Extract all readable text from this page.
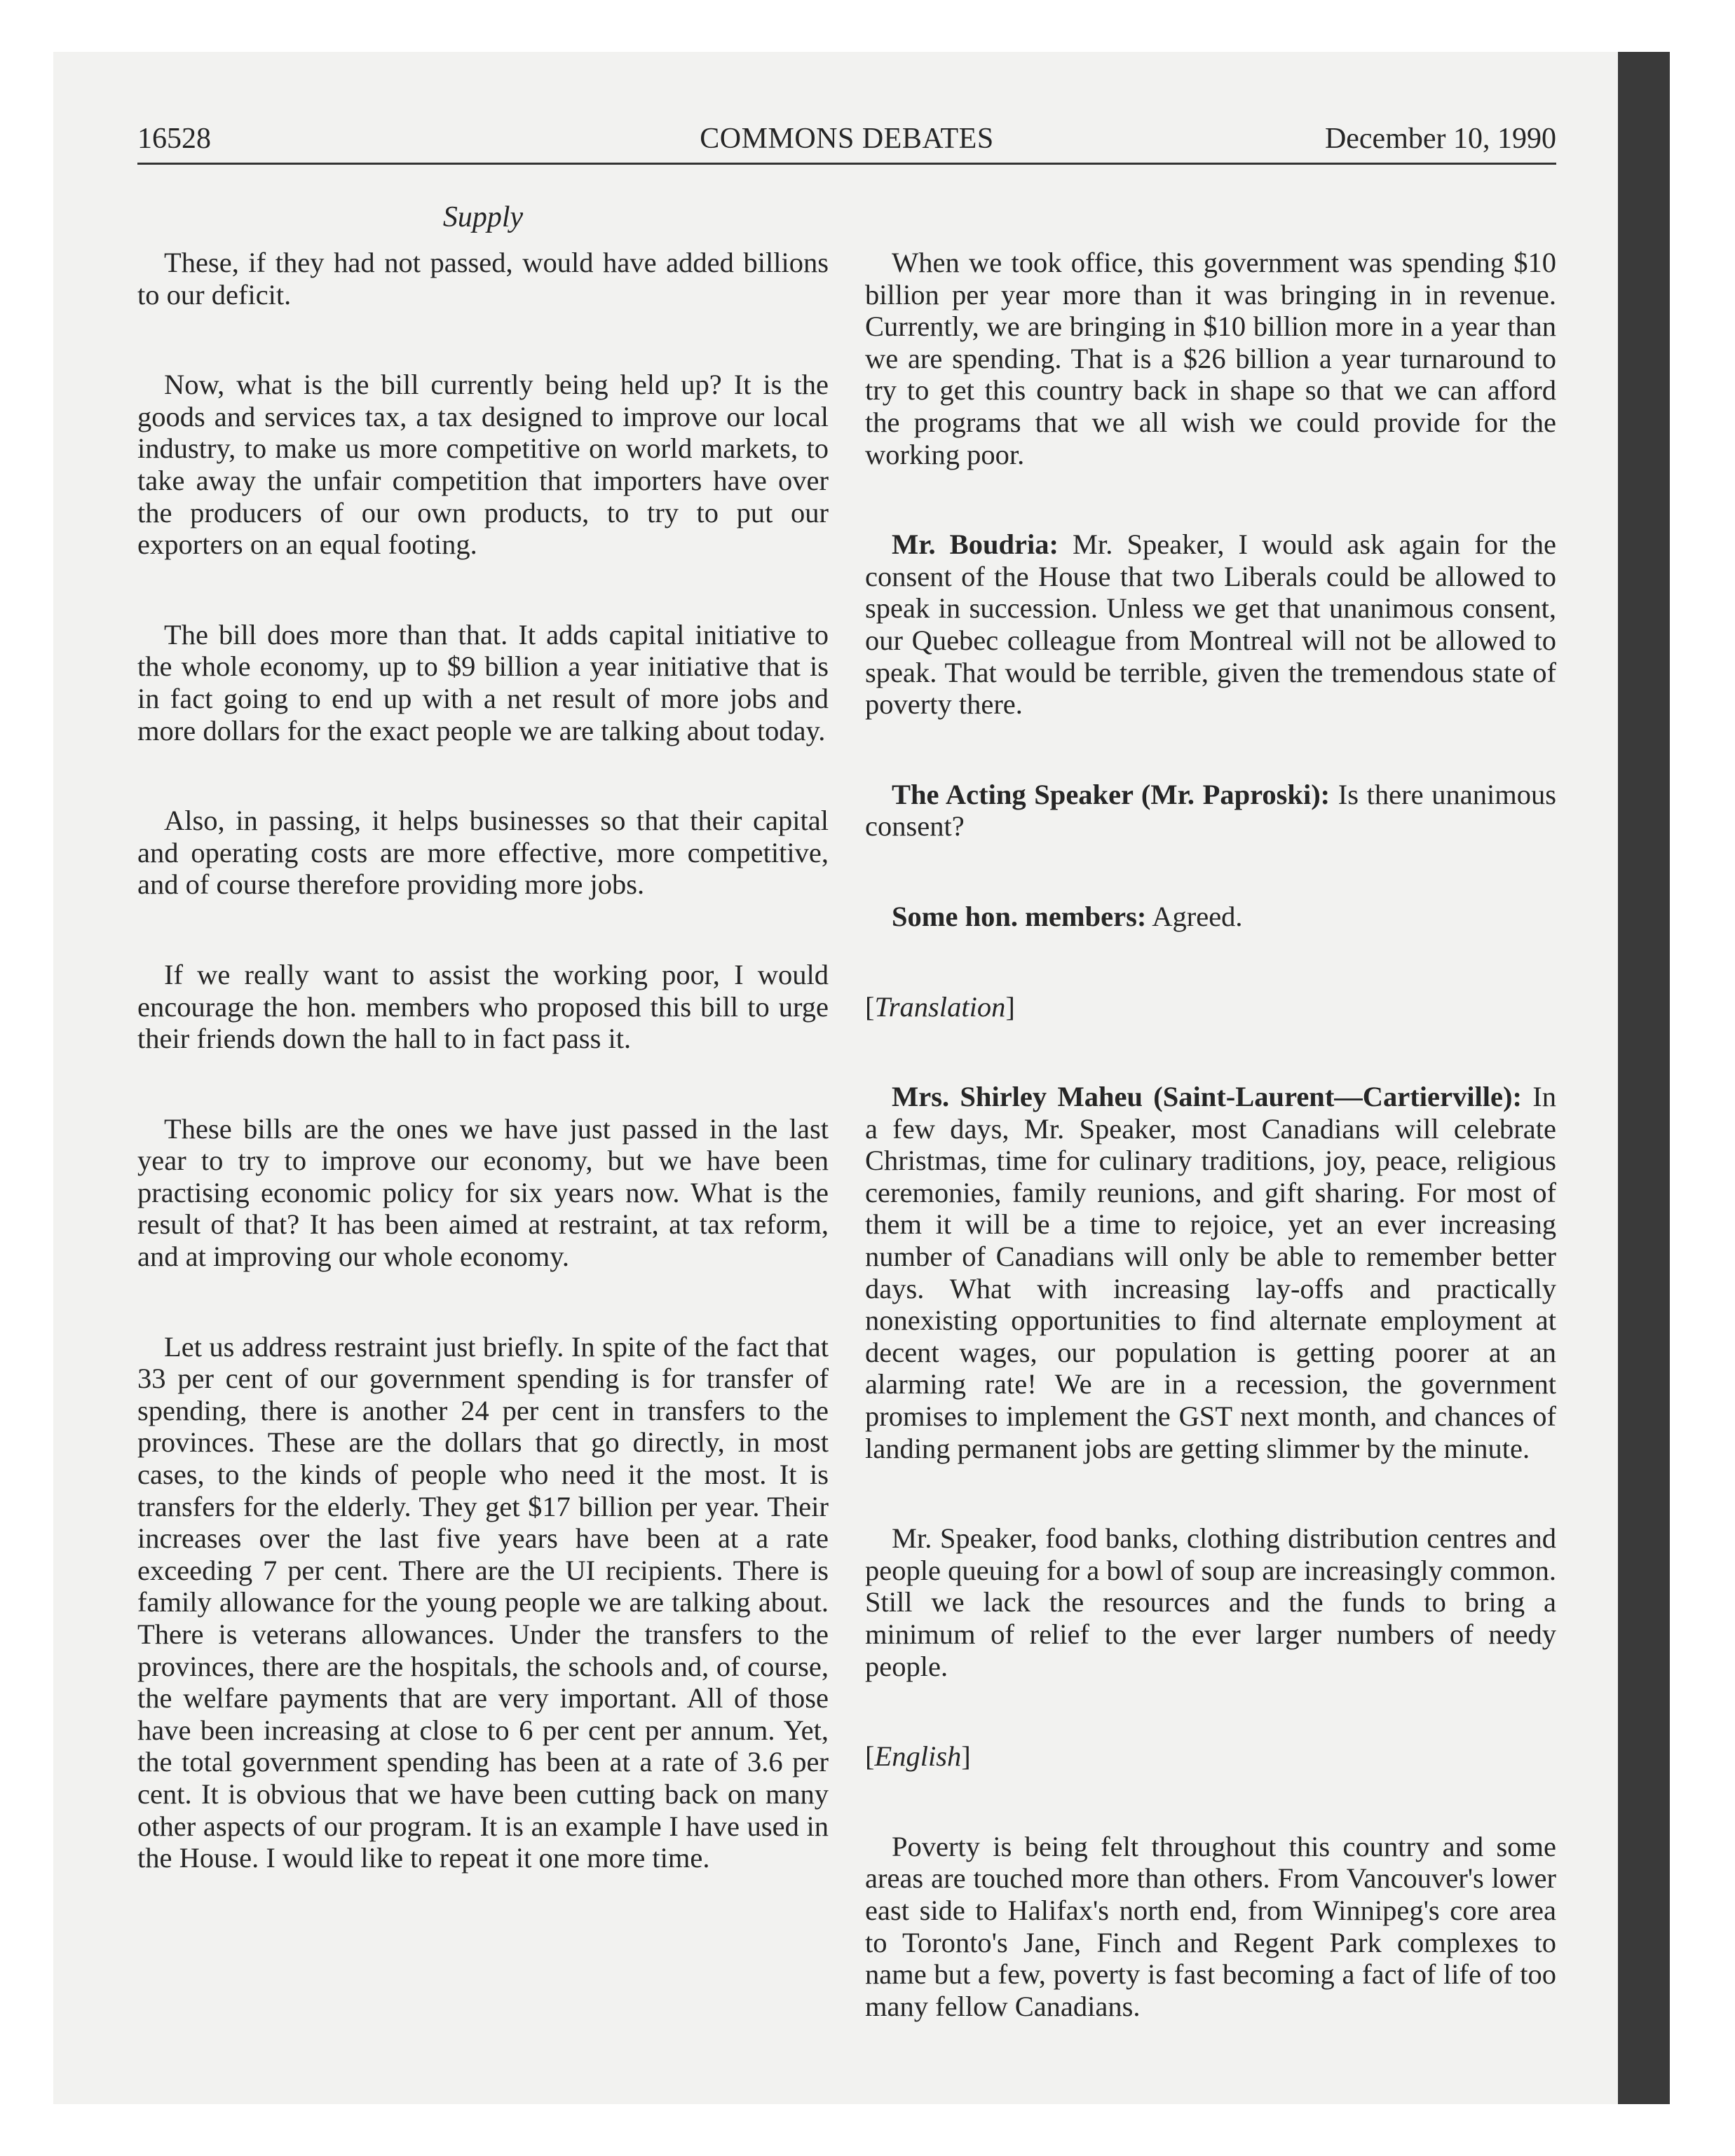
16528	COMMONS DEBATES	December 10, 1990
Supply

These, if they had not passed, would have added billions to our deficit.

Now, what is the bill currently being held up? It is the goods and services tax, a tax designed to improve our local industry, to make us more competitive on world markets, to take away the unfair competition that importers have over the producers of our own products, to try to put our exporters on an equal footing.

The bill does more than that. It adds capital initiative to the whole economy, up to $9 billion a year initiative that is in fact going to end up with a net result of more jobs and more dollars for the exact people we are talking about today.

Also, in passing, it helps businesses so that their capital and operating costs are more effective, more competitive, and of course therefore providing more jobs.

If we really want to assist the working poor, I would encourage the hon. members who proposed this bill to urge their friends down the hall to in fact pass it.

These bills are the ones we have just passed in the last year to try to improve our economy, but we have been practising economic policy for six years now. What is the result of that? It has been aimed at restraint, at tax reform, and at improving our whole economy.

Let us address restraint just briefly. In spite of the fact that 33 per cent of our government spending is for transfer of spending, there is another 24 per cent in transfers to the provinces. These are the dollars that go directly, in most cases, to the kinds of people who need it the most. It is transfers for the elderly. They get $17 billion per year. Their increases over the last five years have been at a rate exceeding 7 per cent. There are the UI recipients. There is family allowance for the young people we are talking about. There is veterans allowances. Under the transfers to the provinces, there are the hospitals, the schools and, of course, the welfare payments that are very important. All of those have been increasing at close to 6 per cent per annum. Yet, the total government spending has been at a rate of 3.6 per cent. It is obvious that we have been cutting back on many other aspects of our program. It is an example I have used in the House. I would like to repeat it one more time.

When we took office, this government was spending $10 billion per year more than it was bringing in in revenue. Currently, we are bringing in $10 billion more in a year than we are spending. That is a $26 billion a year turnaround to try to get this country back in shape so that we can afford the programs that we all wish we could provide for the working poor.

Mr. Boudria: Mr. Speaker, I would ask again for the consent of the House that two Liberals could be allowed to speak in succession. Unless we get that unanimous consent, our Quebec colleague from Montreal will not be allowed to speak. That would be terrible, given the tremendous state of poverty there.

The Acting Speaker (Mr. Paproski): Is there unanimous consent?

Some hon. members: Agreed.

[Translation]

Mrs. Shirley Maheu (Saint-Laurent—Cartierville): In a few days, Mr. Speaker, most Canadians will celebrate Christmas, time for culinary traditions, joy, peace, religious ceremonies, family reunions, and gift sharing. For most of them it will be a time to rejoice, yet an ever increasing number of Canadians will only be able to remember better days. What with increasing lay-offs and practically nonexisting opportunities to find alternate employment at decent wages, our population is getting poorer at an alarming rate! We are in a recession, the government promises to implement the GST next month, and chances of landing permanent jobs are getting slimmer by the minute.

Mr. Speaker, food banks, clothing distribution centres and people queuing for a bowl of soup are increasingly common. Still we lack the resources and the funds to bring a minimum of relief to the ever larger numbers of needy people.

[English]

Poverty is being felt throughout this country and some areas are touched more than others. From Vancouver's lower east side to Halifax's north end, from Winnipeg's core area to Toronto's Jane, Finch and Regent Park complexes to name but a few, poverty is fast becoming a fact of life of too many fellow Canadians.
